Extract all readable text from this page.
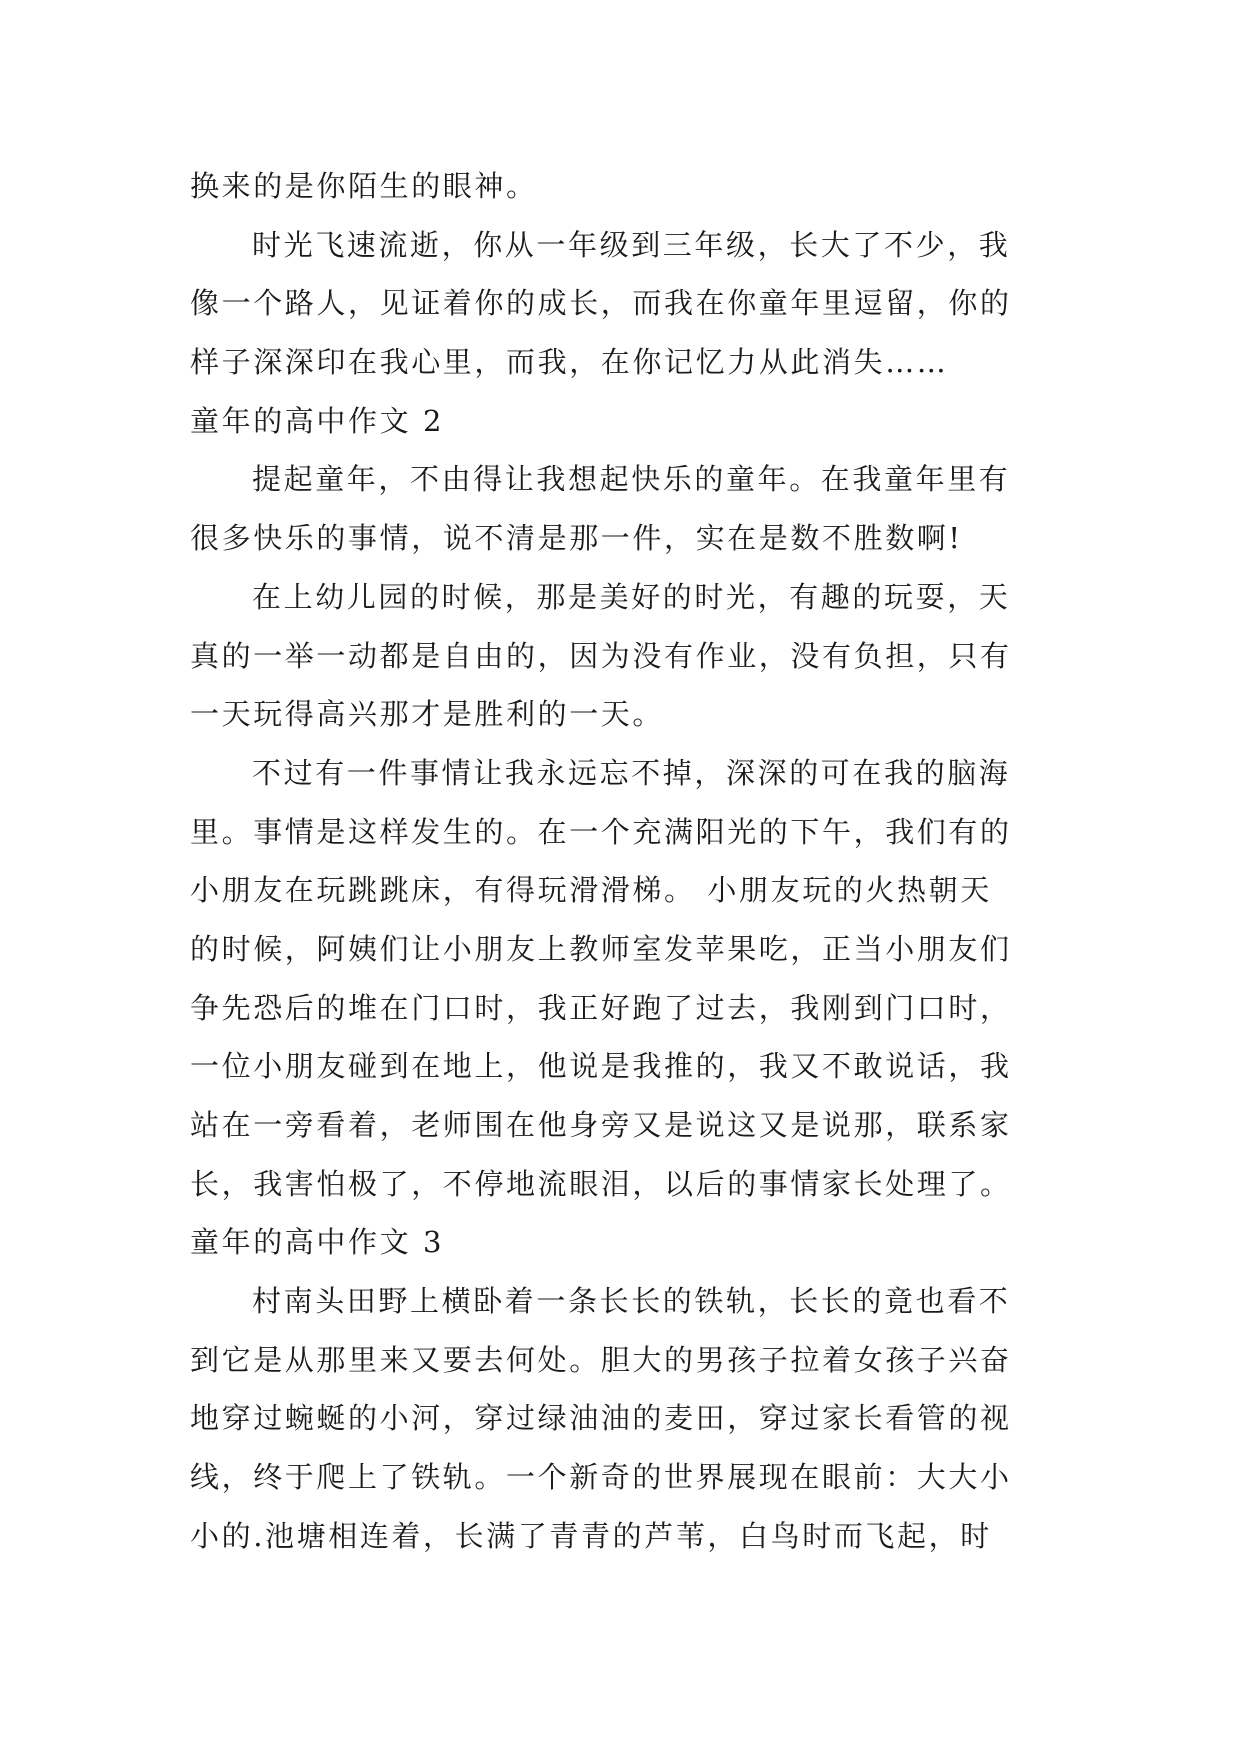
换来的是你陌生的眼神。
时光飞速流逝，你从一年级到三年级，长大了不少，我
像一个路人，见证着你的成长，而我在你童年里逗留，你的
样子深深印在我心里，而我，在你记忆力从此消失……
童年的高中作文 2
提起童年，不由得让我想起快乐的童年。在我童年里有
很多快乐的事情，说不清是那一件，实在是数不胜数啊!
在上幼儿园的时候，那是美好的时光，有趣的玩耍，天
真的一举一动都是自由的，因为没有作业，没有负担，只有
一天玩得高兴那才是胜利的一天。
不过有一件事情让我永远忘不掉，深深的可在我的脑海
里。事情是这样发生的。在一个充满阳光的下午，我们有的
小朋友在玩跳跳床，有得玩滑滑梯。 小朋友玩的火热朝天
的时候，阿姨们让小朋友上教师室发苹果吃，正当小朋友们
争先恐后的堆在门口时，我正好跑了过去，我刚到门口时，
一位小朋友碰到在地上，他说是我推的，我又不敢说话，我
站在一旁看着，老师围在他身旁又是说这又是说那，联系家
长，我害怕极了，不停地流眼泪，以后的事情家长处理了。
童年的高中作文 3
村南头田野上横卧着一条长长的铁轨，长长的竟也看不
到它是从那里来又要去何处。胆大的男孩子拉着女孩子兴奋
地穿过蜿蜒的小河，穿过绿油油的麦田，穿过家长看管的视
线，终于爬上了铁轨。一个新奇的世界展现在眼前：大大小
小的.池塘相连着，长满了青青的芦苇，白鸟时而飞起，时
